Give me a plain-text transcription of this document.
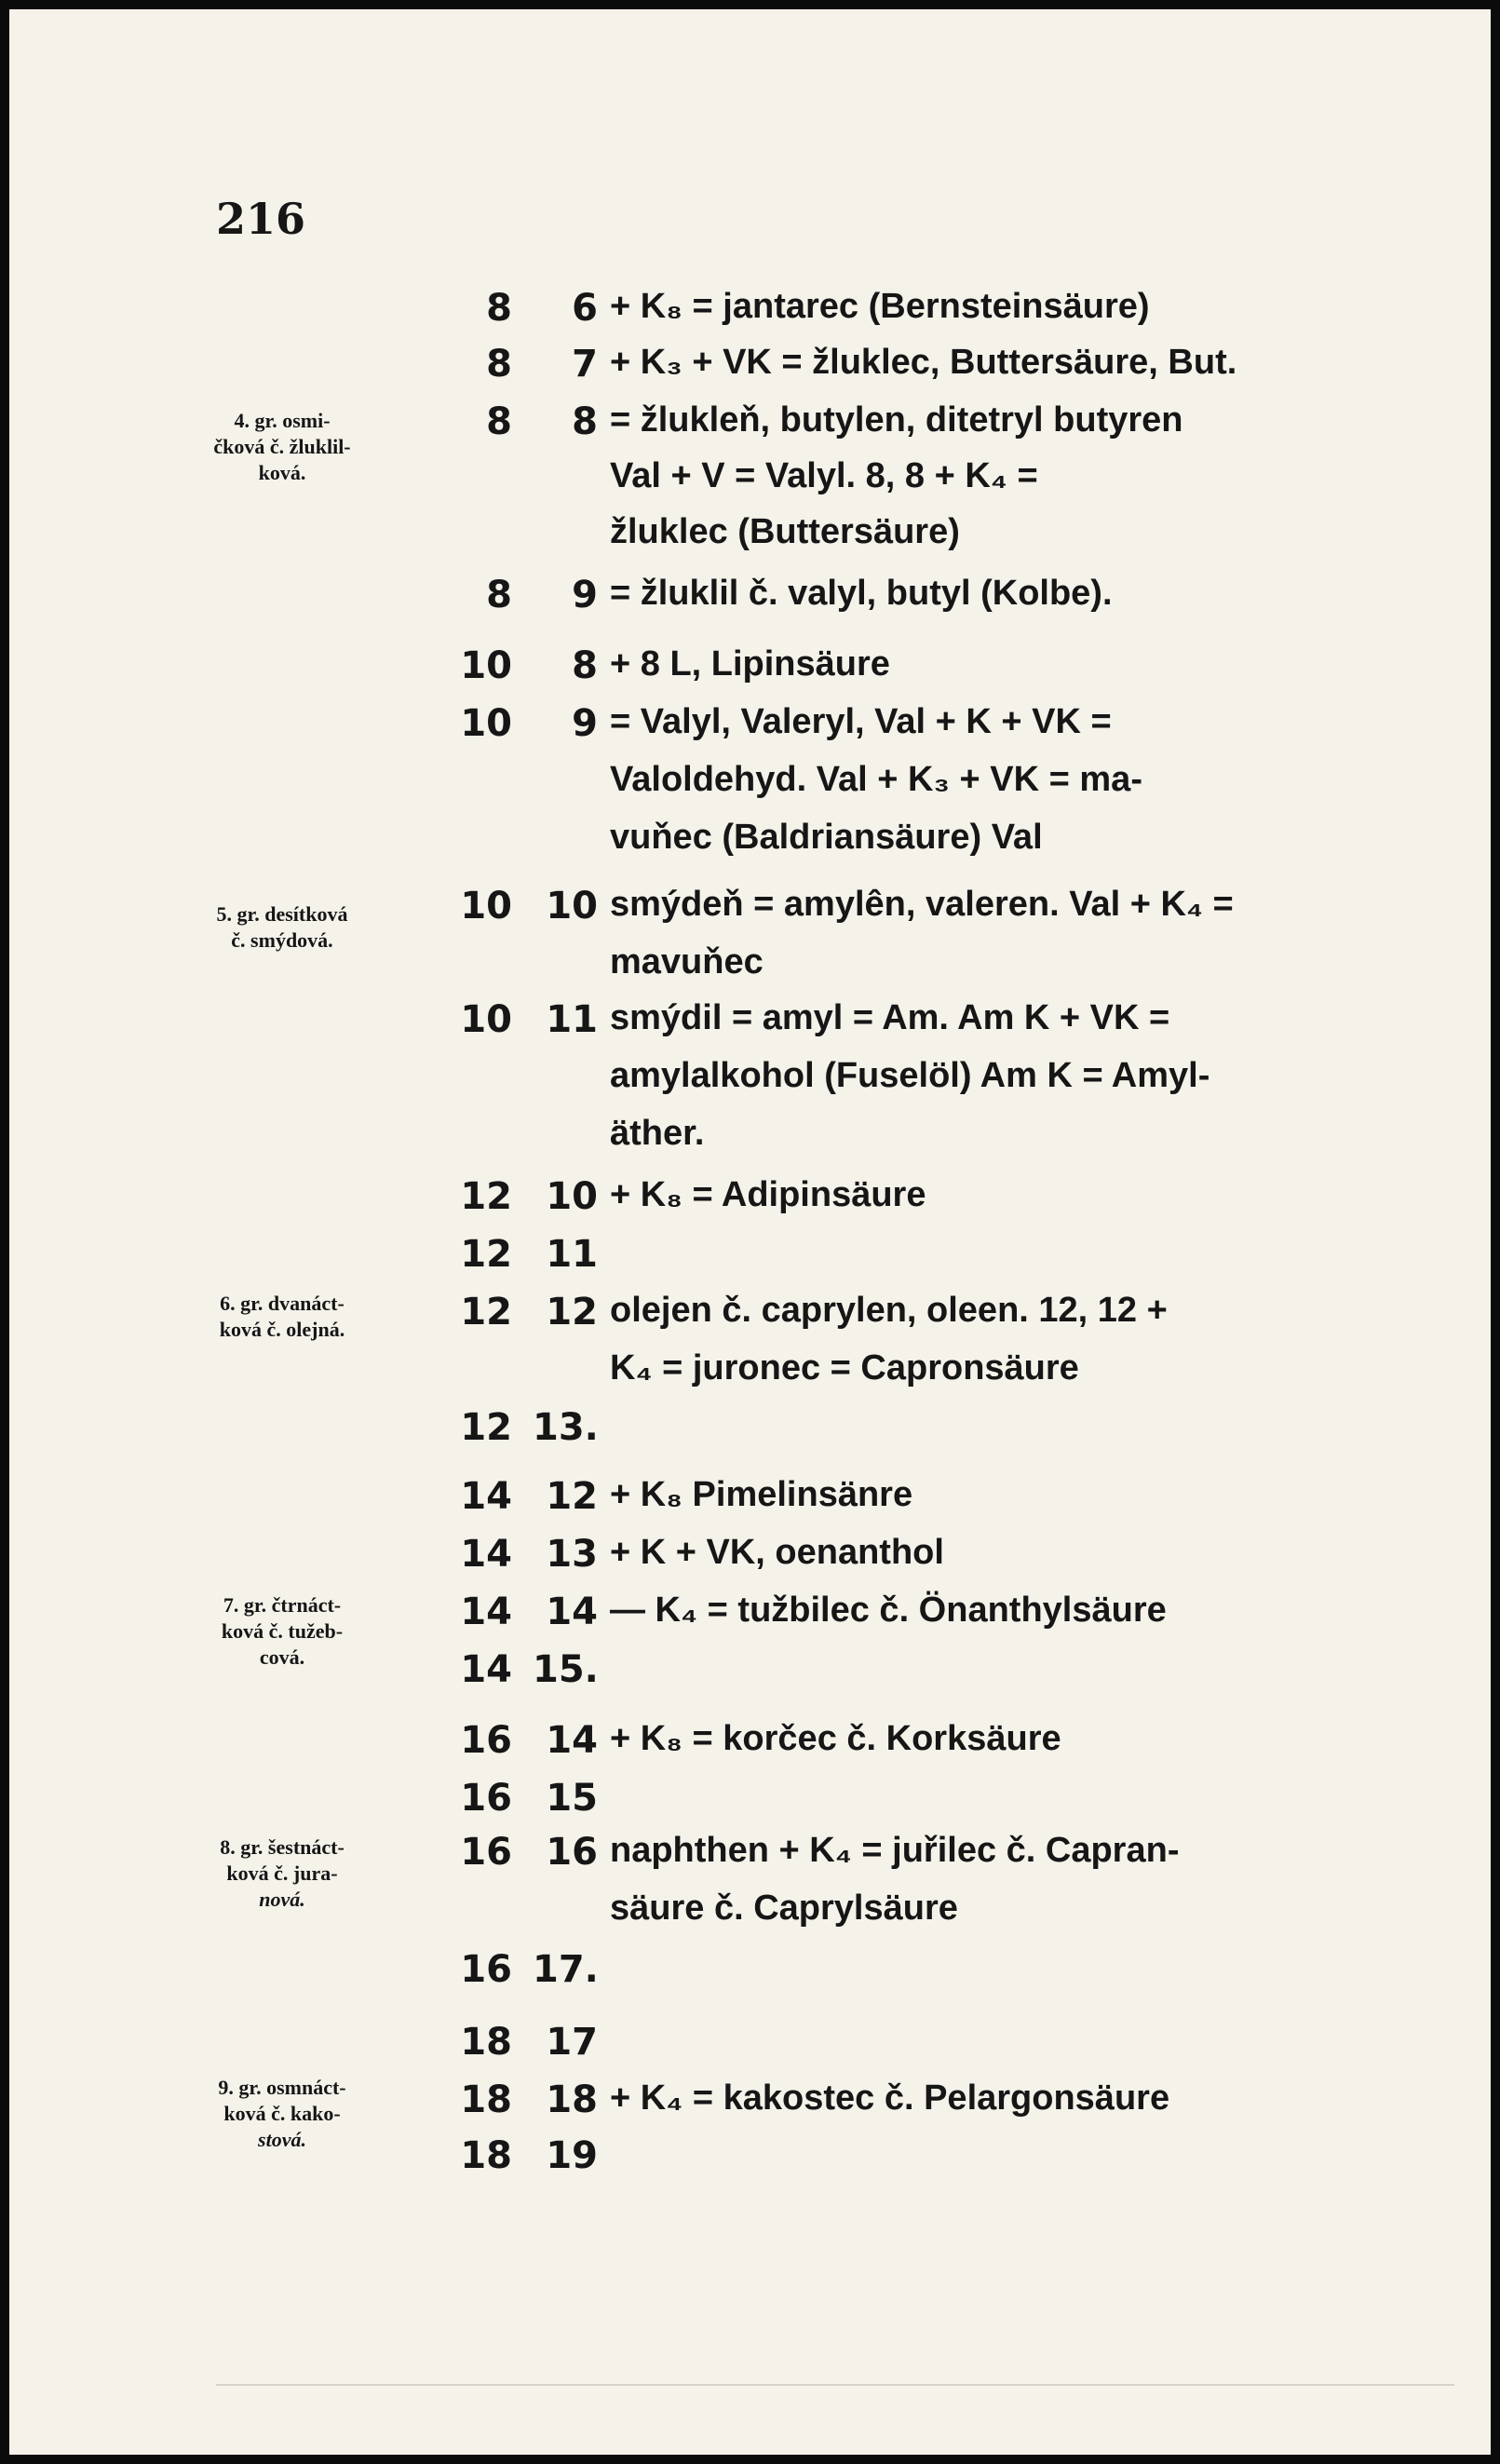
216
4. gr. osmi-
čková č. žluklil-
ková.
8	6 + K₈ = jantarec (Bernsteinsäure)
8	7 + K₃ + VK = žluklec, Buttersäure, But.
8	8 = žlukleň, butylen, ditetryl butyren
Val + V = Valyl. 8, 8 + K₄ =
žluklec (Buttersäure)
8	9 = žluklil č. valyl, butyl (Kolbe).
5. gr. desítková
č. smýdová.
10	8 + 8 L, Lipinsäure
10	9 = Valyl, Valeryl, Val + K + VK =
Valoldehyd. Val + K₃ + VK = ma-
vuňec (Baldriansäure) Val
10 10 smýdeň = amylên, valeren. Val + K₄ =
mavuňec
10 11 smýdil = amyl = Am. Am K + VK =
amylalkohol (Fuselöl) Am K = Amyl-
äther.
6. gr. dvanáct-
ková č. olejná.
12 10 + K₈ = Adipinsäure
12 11
12 12 olejen č. caprylen, oleen. 12, 12 +
K₄ = juronec = Capronsäure
12 13.
7. gr. čtrnáct-
ková č. tužeb-
cová.
14 12 + K₈ Pimelinsänre
14 13 + K + VK, oenanthol
14 14 — K₄ = tužbilec č. Önanthylsäure
14 15.
8. gr. šestnáct-
ková č. jura-
nová.
16 14 + K₈ = korčec č. Korksäure
16 15
16 16 naphthen + K₄ = juřilec č. Capran-
säure č. Caprylsäure
16 17.
9. gr. osmnáct-
ková č. kako-
stová.
18 17
18 18 + K₄ = kakostec č. Pelargonsäure
18 19
